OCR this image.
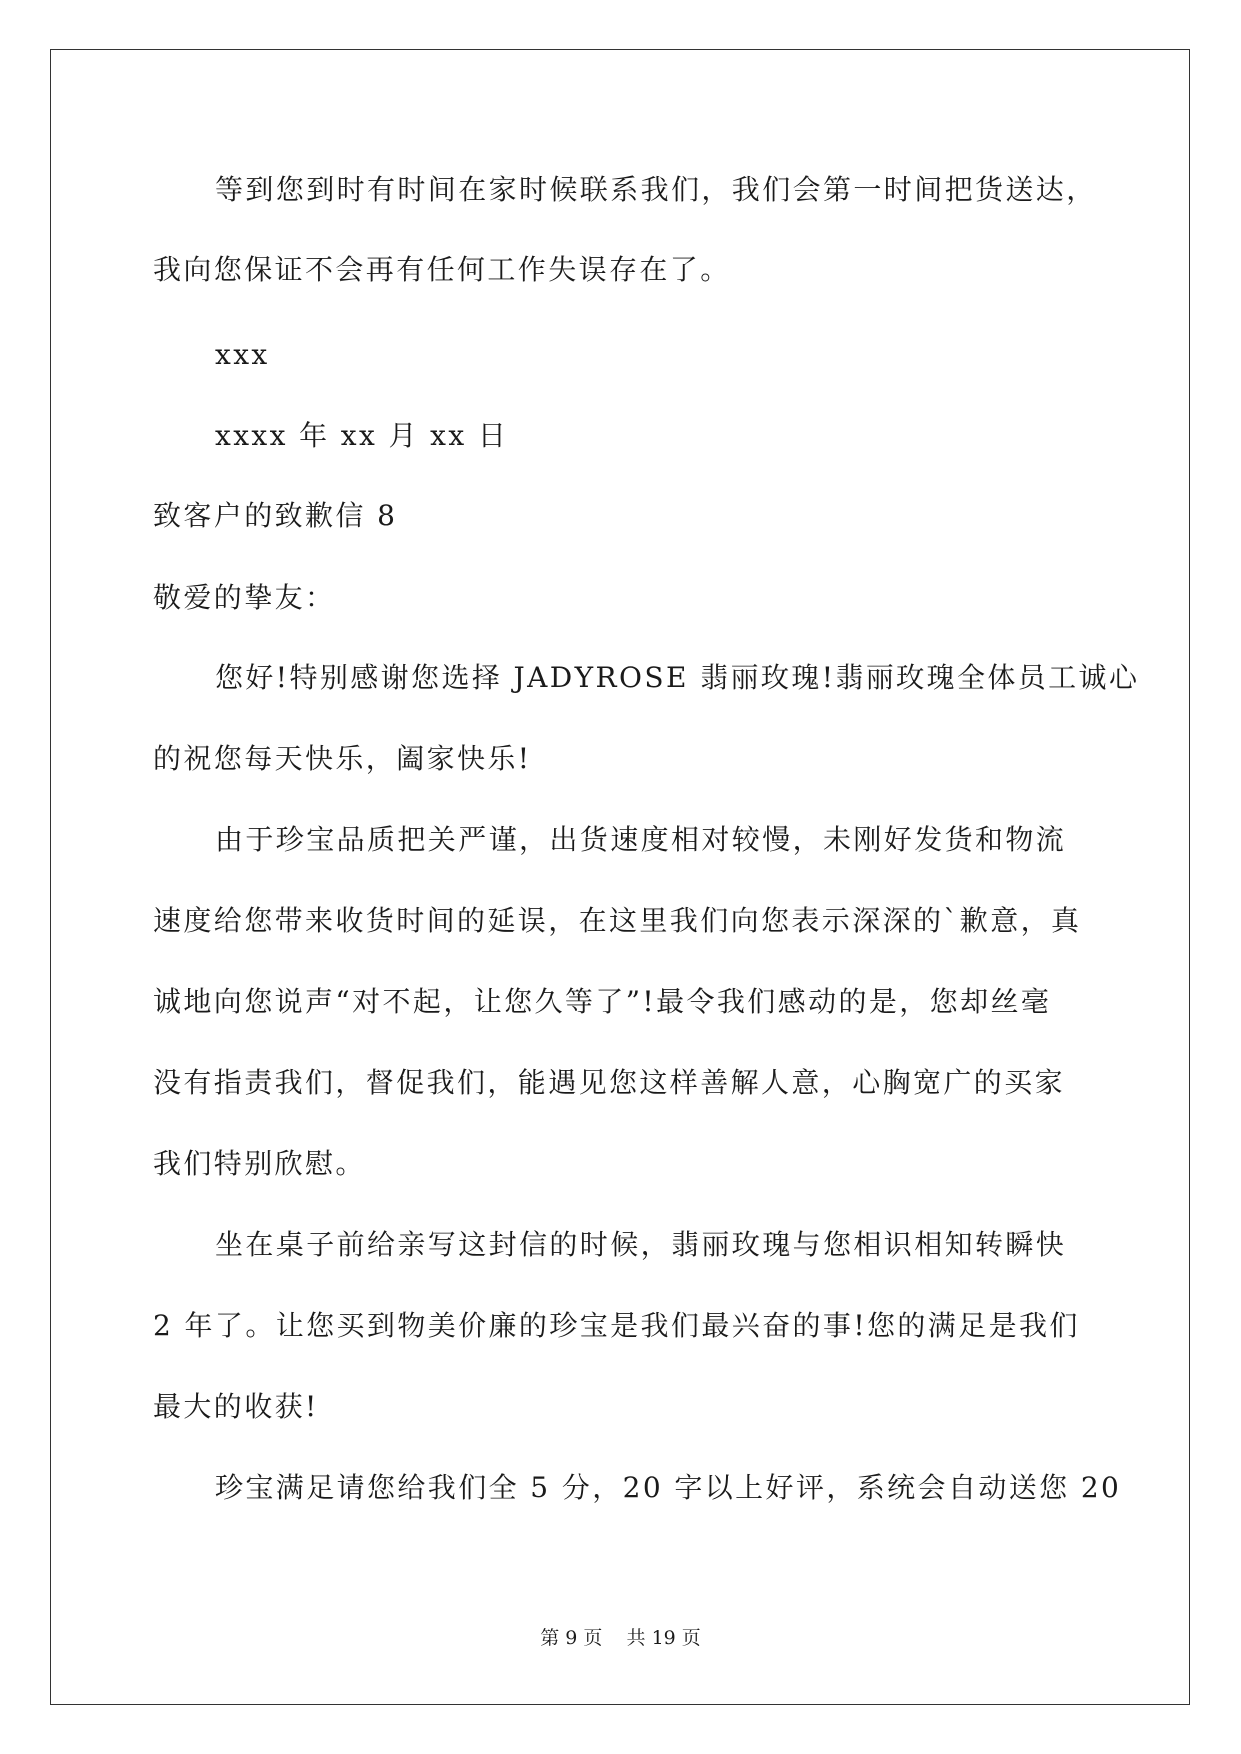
等到您到时有时间在家时候联系我们，我们会第一时间把货送达，
我向您保证不会再有任何工作失误存在了。
xxx
xxxx 年 xx 月 xx 日
致客户的致歉信 8
敬爱的挚友：
您好!特别感谢您选择 JADYROSE 翡丽玫瑰!翡丽玫瑰全体员工诚心
的祝您每天快乐，阖家快乐!
由于珍宝品质把关严谨，出货速度相对较慢，未刚好发货和物流
速度给您带来收货时间的延误，在这里我们向您表示深深的`歉意，真
诚地向您说声“对不起，让您久等了”!最令我们感动的是，您却丝毫
没有指责我们，督促我们，能遇见您这样善解人意，心胸宽广的买家
我们特别欣慰。
坐在桌子前给亲写这封信的时候，翡丽玫瑰与您相识相知转瞬快
2 年了。让您买到物美价廉的珍宝是我们最兴奋的事!您的满足是我们
最大的收获!
珍宝满足请您给我们全 5 分，20 字以上好评，系统会自动送您 20
第 9 页    共 19 页
